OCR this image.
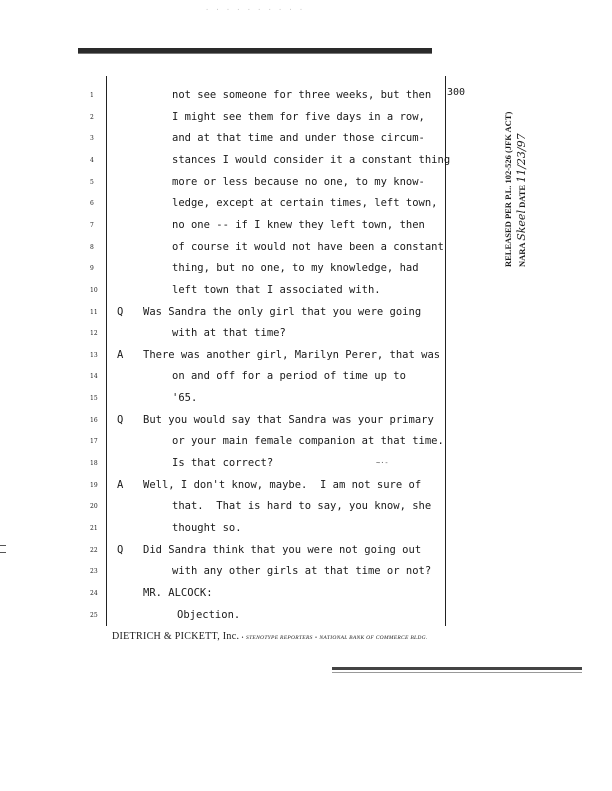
· · · · · · · · · ·
300
1	not see someone for three weeks, but then
2	I might see them for five days in a row,
3	and at that time and under those circum-
4	stances I would consider it a constant thing
5	more or less because no one, to my know-
6	ledge, except at certain times, left town,
7	no one -- if I knew they left town, then
8	of course it would not have been a constant
9	thing, but no one, to my knowledge, had
10	left town that I associated with.
11	Q Was Sandra the only girl that you were going
12	with at that time?
13	A There was another girl, Marilyn Perer, that was
14	on and off for a period of time up to
15	'65.
16	Q But you would say that Sandra was your primary
17	or your main female companion at that time.
18	Is that correct?
19	A Well, I don't know, maybe.  I am not sure of
20	that.  That is hard to say, you know, she
21	thought so.
22	Q Did Sandra think that you were not going out
23	with any other girls at that time or not?
24	MR. ALCOCK:
25	Objection.
~·-
DIETRICH & PICKETT, Inc. • STENOTYPE REPORTERS • NATIONAL BANK OF COMMERCE BLDG.
RELEASED PER P.L. 102-526 (JFK ACT) NARA Skeel DATE 11/23/97
